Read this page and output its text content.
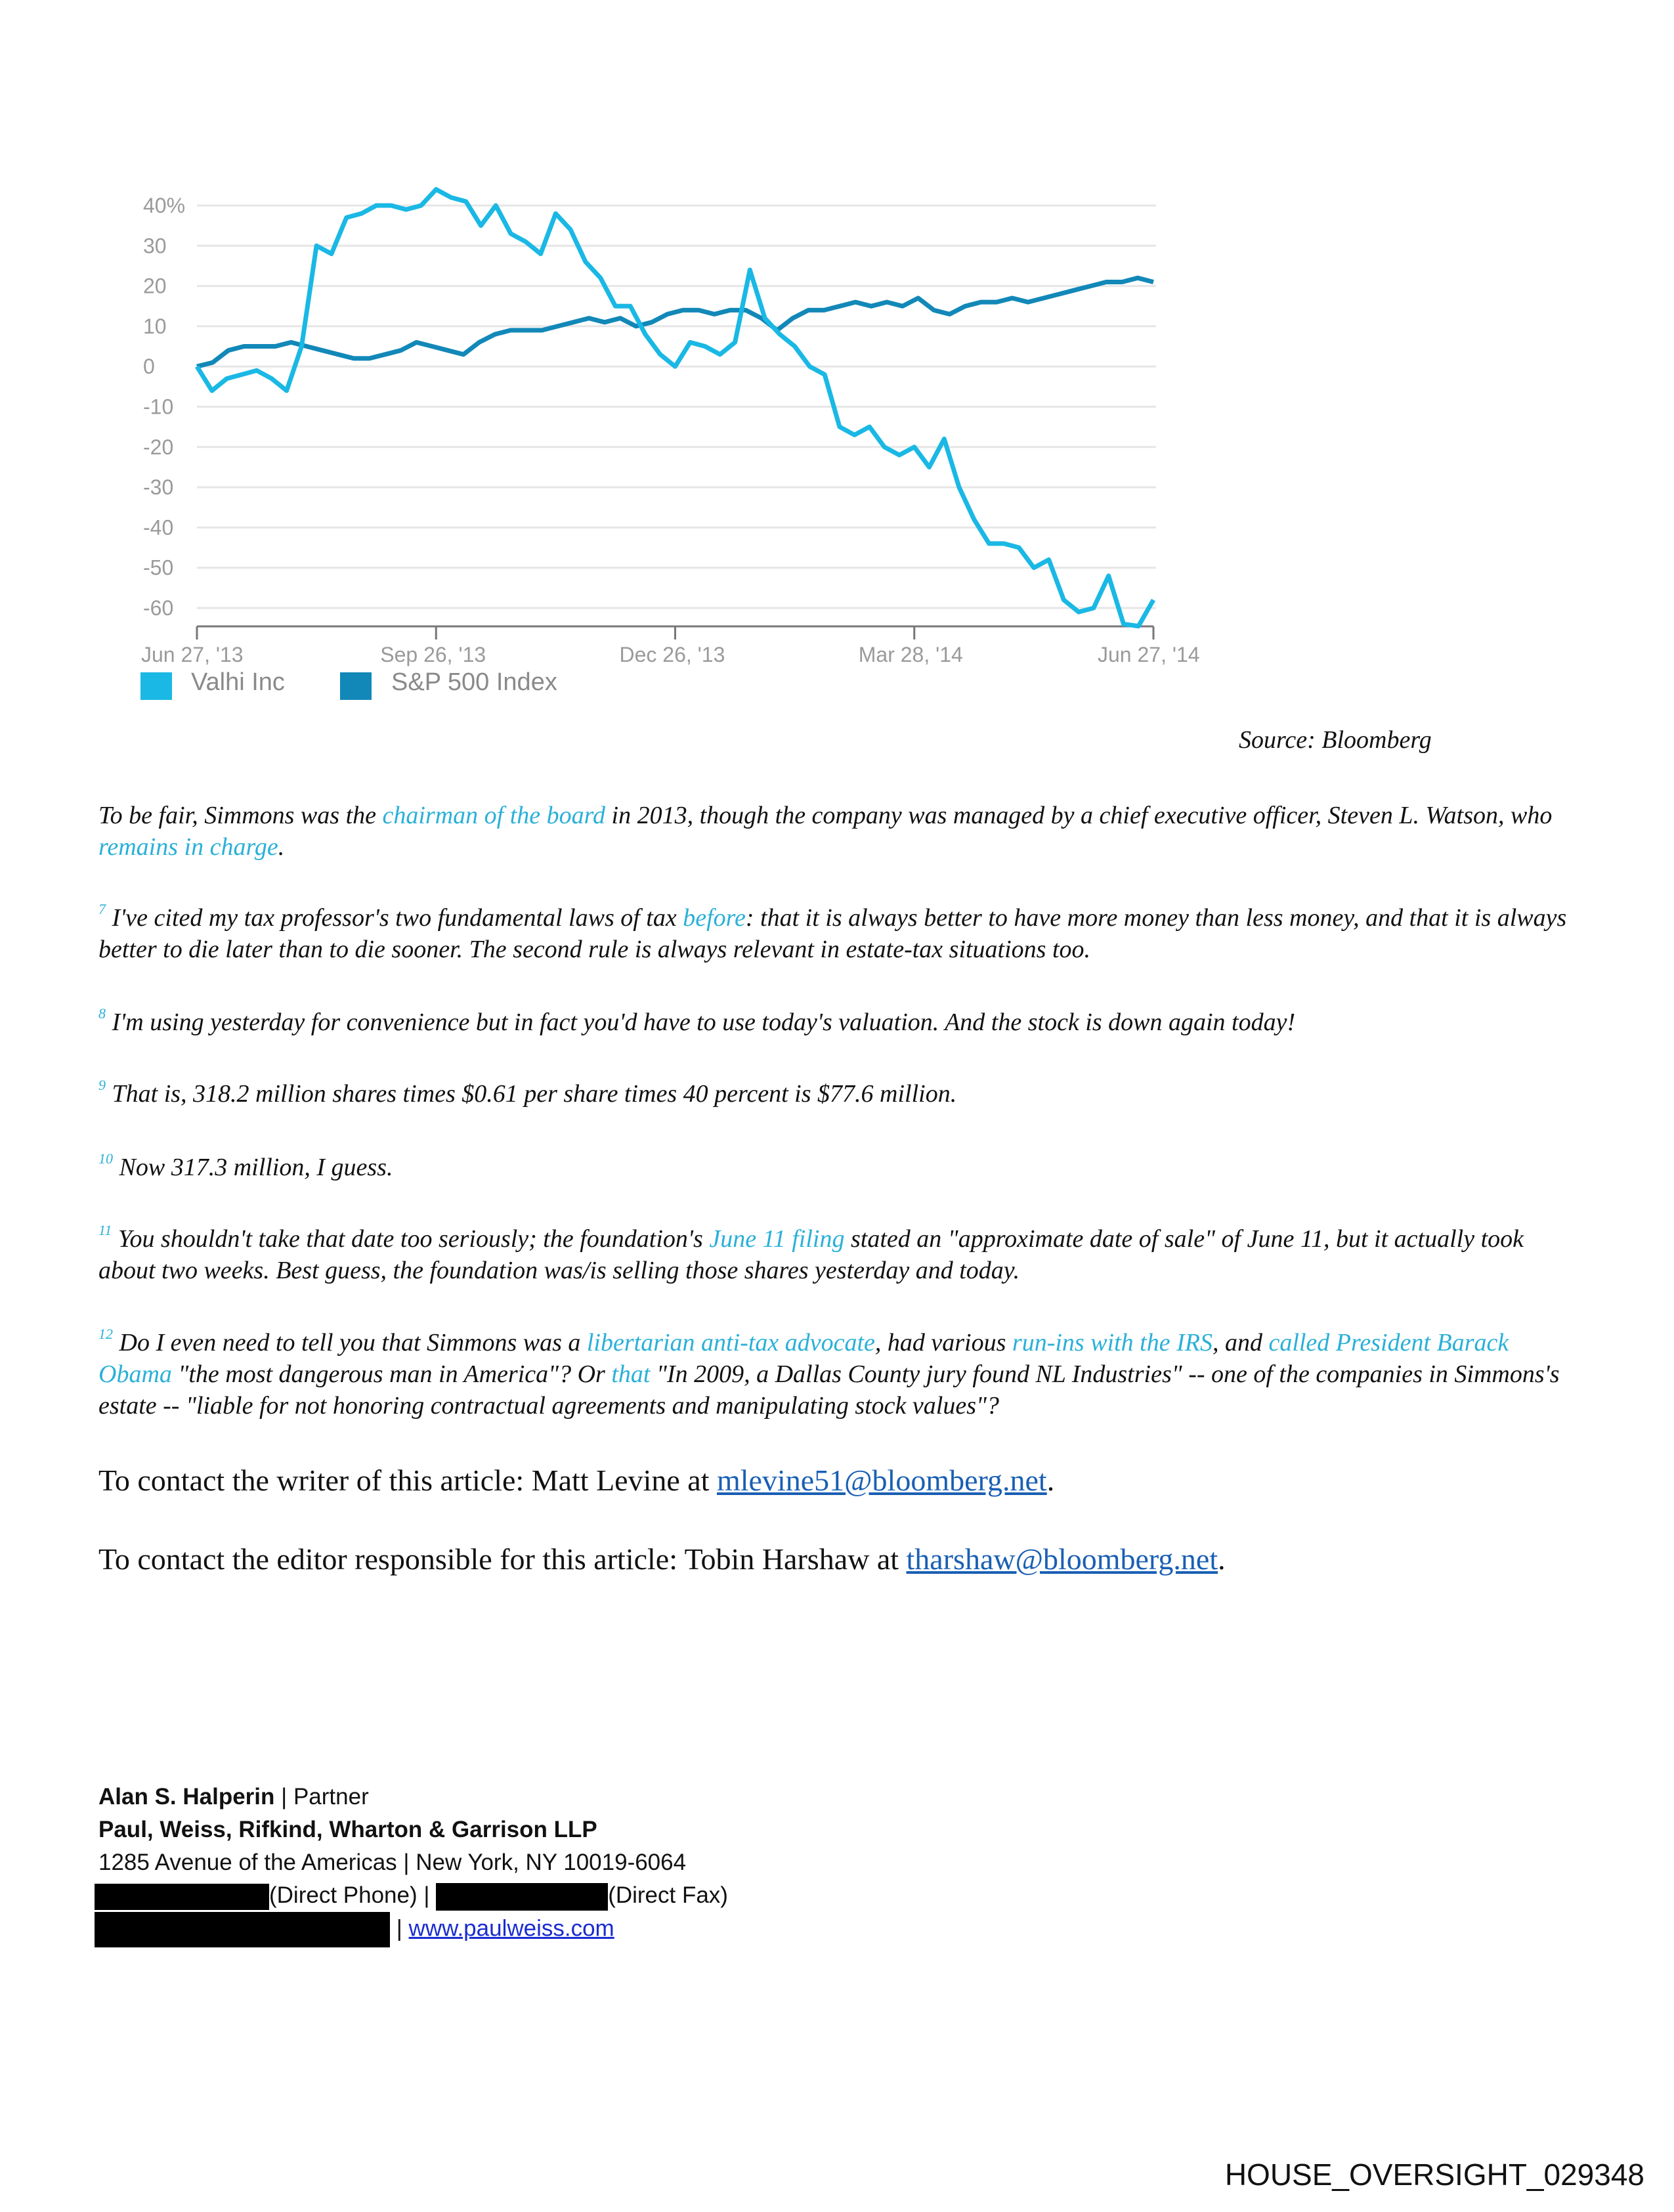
40%
30
20
10
0
-10
-20
-30
-40
-50
-60
Jun 27, '13	Sep 26, '13	Dec 26, '13	Mar 28, '14	Jun 27, '14
Valhi Inc	S&P 500 Index
Source: Bloomberg
To be fair, Simmons was the chairman of the board in 2013, though the company was managed by a chief executive officer, Steven L. Watson, who remains in charge.
$^7$ I've cited my tax professor's two fundamental laws of tax before: that it is always better to have more money than less money, and that it is always better to die later than to die sooner. The second rule is always relevant in estate-tax situations too.
$^8$ I'm using yesterday for convenience but in fact you'd have to use today's valuation. And the stock is down again today!
$^9$ That is, 318.2 million shares times $0.61 per share times 40 percent is $77.6 million.
$^{10}$ Now 317.3 million, I guess.
$^{11}$ You shouldn't take that date too seriously; the foundation's June 11 filing stated an "approximate date of sale" of June 11, but it actually took about two weeks. Best guess, the foundation was/is selling those shares yesterday and today.
$^{12}$ Do I even need to tell you that Simmons was a libertarian anti-tax advocate, had various run-ins with the IRS, and called President Barack Obama "the most dangerous man in America"? Or that "In 2009, a Dallas County jury found NL Industries" -- one of the companies in Simmons's estate -- "liable for not honoring contractual agreements and manipulating stock values"?
To contact the writer of this article: Matt Levine at mlevine51@bloomberg.net.
To contact the editor responsible for this article: Tobin Harshaw at tharshaw@bloomberg.net.
Alan S. Halperin | Partner
Paul, Weiss, Rifkind, Wharton & Garrison LLP
1285 Avenue of the Americas | New York, NY 10019-6064
(Direct Phone) |	(Direct Fax)
| www.paulweiss.com
HOUSE_OVERSIGHT_029348
